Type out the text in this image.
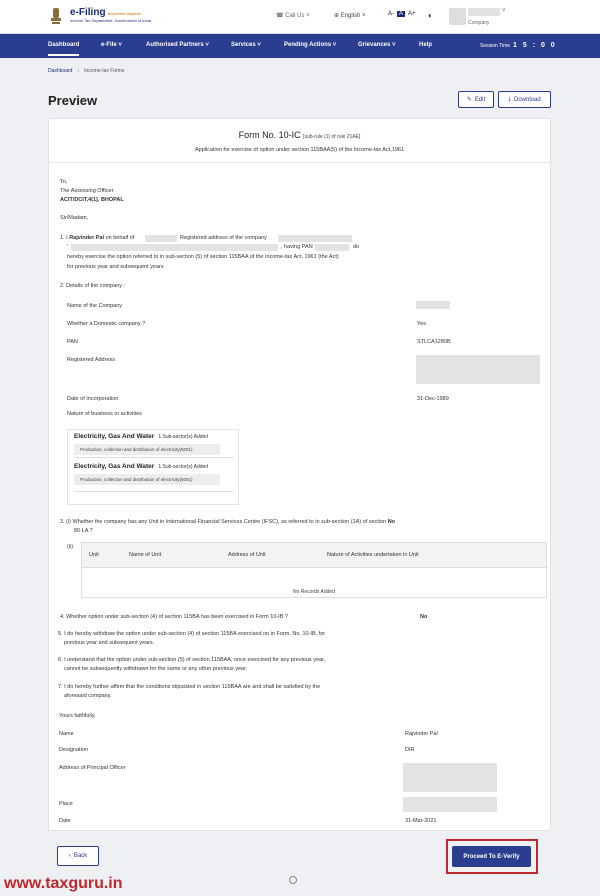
e-Filing Anywhere Anytime
Income Tax Department, Government of India
☎ Call Us ˅	⊕ English ˅	A- A A+	◐	˅
Company
Dashboard	e-File ˅	Authorised Partners ˅	Services ˅	Pending Actions ˅	Grievances ˅	Help	Session Time 1 5 : 0 0
Dashboard › Income-tax Forms
Preview	✎ Edit	⤓ Download
Form No. 10-IC [sub-rule (1) of rule 21AE]
Application for exercise of option under section 115BAA(5) of the Income-tax Act,1961
To,
The Assessing Officer
ACIT/DCIT,4(1), BHOPAL
Sir/Madam,
1. I Rajvinder Pal on behalf of	Registered address of the company
'	, having PAN	do
hereby exercise the option referred to in sub-section (5) of section 115BAA of the Income-tax Act, 1961 (the Act)
for previous year and subsequent years
2. Details of the company :
Name of the Company
Whether a Domestic company ?	Yes
PAN	STLCA1280B
Registered Address
Date of Incorporation	31-Dec-1989
Nature of business or activities
Electricity, Gas And Water 1 Sub-sector(s) Added
Production, collection and distribution of electricity(5001)
Electricity, Gas And Water 1 Sub-sector(s) Added
Production, collection and distribution of electricity(5001)
3. (i) Whether the company has any Unit in International Financial Services Centre (IFSC), as referred to in sub-section (1A) of section No
80 LA ?
(ii)
Unit	Name of Unit	Address of Unit	Nature of Activities undertaken in Unit
No Records Added
4. Whether option under sub-section (4) of section 115BA has been exercised in Form 10-IB ?	No
5. I do hereby withdraw the option under sub-section (4) of section 115BA exercised on in Form. No. 10-IB, for
previous year and subsequent years.
6. I understand that the option under sub-section (5) of section 115BAA, once exercised for any previous year,
cannot be subsequently withdrawn for the same or any other previous year.
7. I do hereby further affirm that the conditions stipulated in section 115BAA are and shall be satisfied by the
aforesaid company.
Yours faithfully,
Name	Rajvinder Pal
Designation	DIR
Address of Principal Officer
Place
Date	31-Mar-2021
‹ Back	Proceed To E-Verify
www.taxguru.in
